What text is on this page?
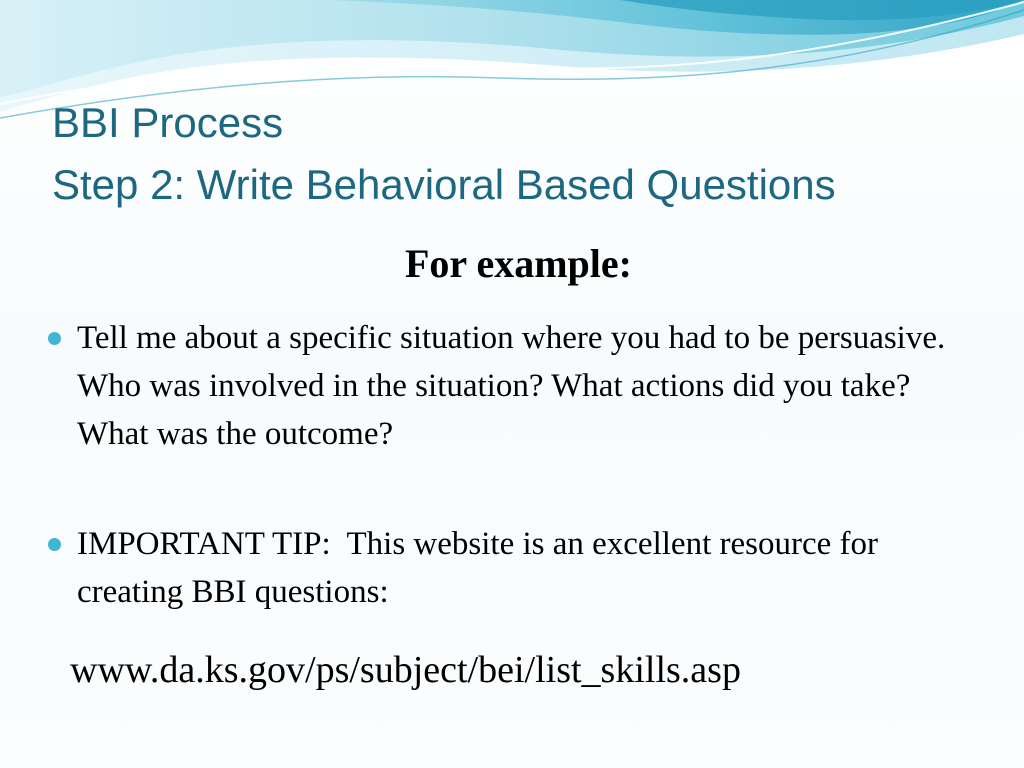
BBI Process
Step 2: Write Behavioral Based Questions
For example:
Tell me about a specific situation where you had to be persuasive.  Who was involved in the situation? What actions did you take? What was the outcome?
IMPORTANT TIP:  This website is an excellent resource for creating BBI questions:
www.da.ks.gov/ps/subject/bei/list_skills.asp
